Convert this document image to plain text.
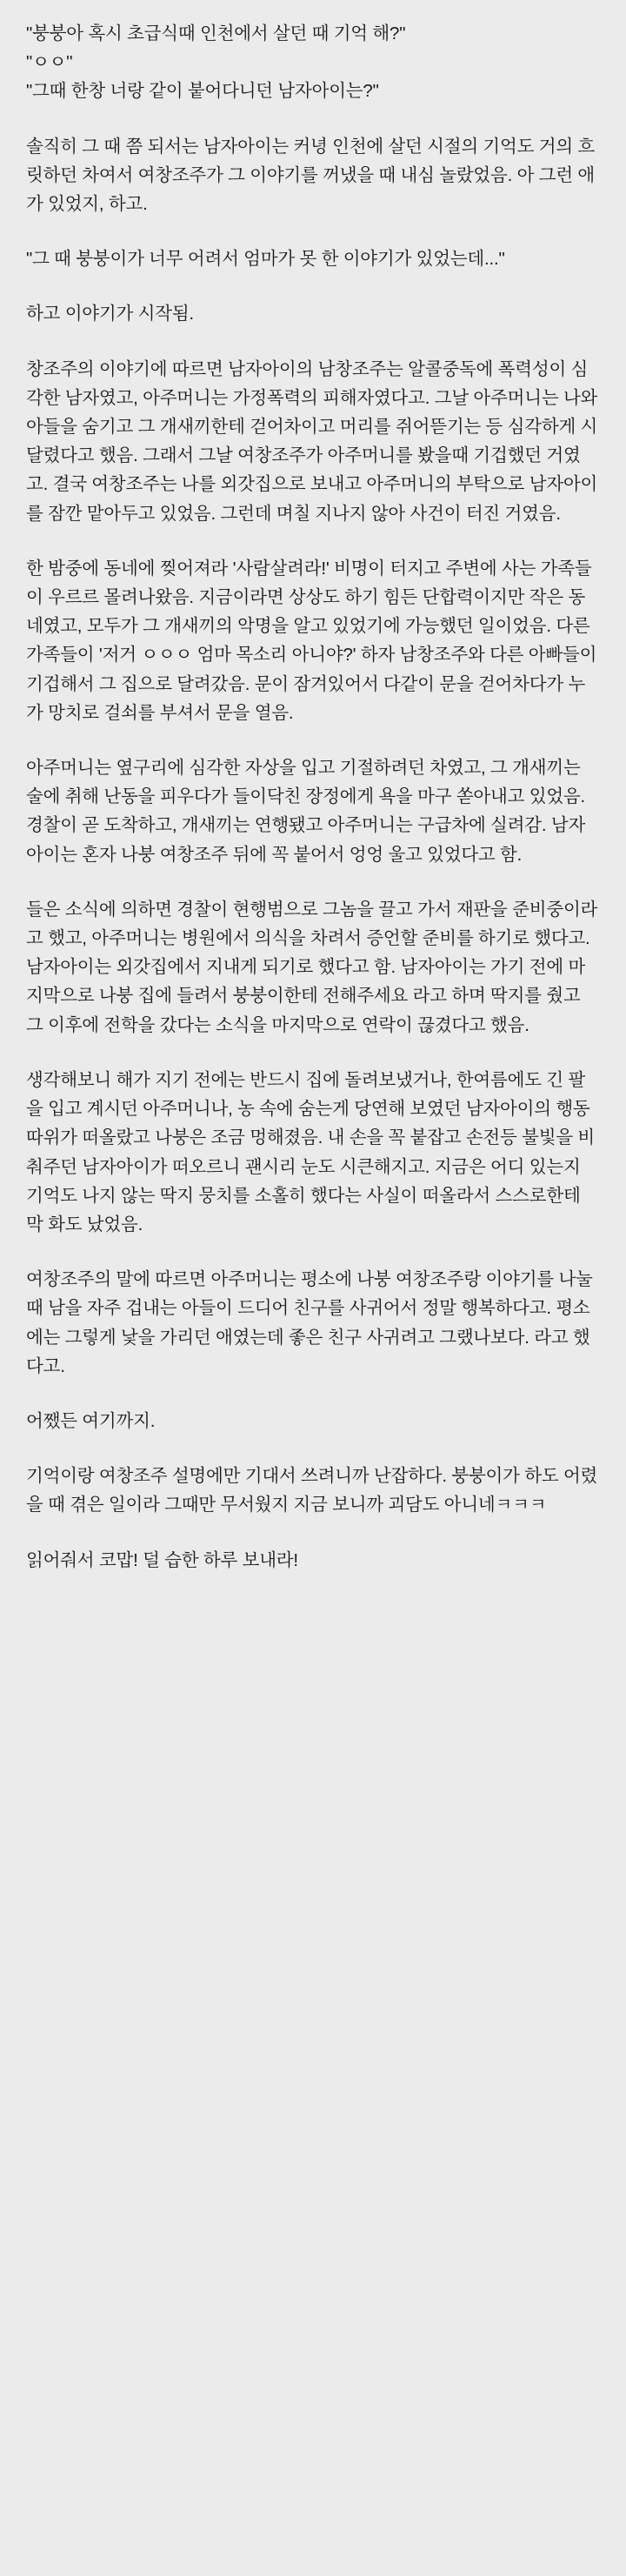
"붕붕아 혹시 초급식때 인천에서 살던 때 기억 해?"
"ㅇㅇ"
"그때 한창 너랑 같이 붙어다니던 남자아이는?"
솔직히 그 때 쯤 되서는 남자아이는 커녕 인천에 살던 시절의 기억도 거의 흐릿하던 차여서 여창조주가 그 이야기를 꺼냈을 때 내심 놀랐었음. 아 그런 애가 있었지, 하고.
"그 때 붕붕이가 너무 어려서 엄마가 못 한 이야기가 있었는데..."
하고 이야기가 시작됨.
창조주의 이야기에 따르면 남자아이의 남창조주는 알콜중독에 폭력성이 심각한 남자였고, 아주머니는 가정폭력의 피해자였다고. 그날 아주머니는 나와 아들을 숨기고 그 개새끼한테 걷어차이고 머리를 쥐어뜯기는 등 심각하게 시달렸다고 했음. 그래서 그날 여창조주가 아주머니를 봤을때 기겁했던 거였고. 결국 여창조주는 나를 외갓집으로 보내고 아주머니의 부탁으로 남자아이를 잠깐 맡아두고 있었음. 그런데 며칠 지나지 않아 사건이 터진 거였음.
한 밤중에 동네에 찢어져라 '사람살려라!' 비명이 터지고 주변에 사는 가족들이 우르르 몰려나왔음. 지금이라면 상상도 하기 힘든 단합력이지만 작은 동네였고, 모두가 그 개새끼의 악명을 알고 있었기에 가능했던 일이었음. 다른 가족들이 '저거 ㅇㅇㅇ 엄마 목소리 아니야?' 하자 남창조주와 다른 아빠들이 기겁해서 그 집으로 달려갔음. 문이 잠겨있어서 다같이 문을 걷어차다가 누가 망치로 걸쇠를 부셔서 문을 열음.
아주머니는 옆구리에 심각한 자상을 입고 기절하려던 차였고, 그 개새끼는 술에 취해 난동을 피우다가 들이닥친 장정에게 욕을 마구 쏟아내고 있었음. 경찰이 곧 도착하고, 개새끼는 연행됐고 아주머니는 구급차에 실려감. 남자아이는 혼자 나붕 여창조주 뒤에 꼭 붙어서 엉엉 울고 있었다고 함.
들은 소식에 의하면 경찰이 현행범으로 그놈을 끌고 가서 재판을 준비중이라고 했고, 아주머니는 병원에서 의식을 차려서 증언할 준비를 하기로 했다고. 남자아이는 외갓집에서 지내게 되기로 했다고 함. 남자아이는 가기 전에 마지막으로 나붕 집에 들려서 붕붕이한테 전해주세요 라고 하며 딱지를 줬고 그 이후에 전학을 갔다는 소식을 마지막으로 연락이 끊겼다고 했음.
생각해보니 해가 지기 전에는 반드시 집에 돌려보냈거나, 한여름에도 긴 팔을 입고 계시던 아주머니나, 농 속에 숨는게 당연해 보였던 남자아이의 행동 따위가 떠올랐고 나붕은 조금 멍해졌음. 내 손을 꼭 붙잡고 손전등 불빛을 비춰주던 남자아이가 떠오르니 괜시리 눈도 시큰해지고. 지금은 어디 있는지 기억도 나지 않는 딱지 뭉치를 소홀히 했다는 사실이 떠올라서 스스로한테 막 화도 났었음.
여창조주의 말에 따르면 아주머니는 평소에 나붕 여창조주랑 이야기를 나눌때 남을 자주 겁내는 아들이 드디어 친구를 사귀어서 정말 행복하다고. 평소에는 그렇게 낯을 가리던 애였는데 좋은 친구 사귀려고 그랬나보다. 라고 했다고.
어쨌든 여기까지.
기억이랑 여창조주 설명에만 기대서 쓰려니까 난잡하다. 붕붕이가 하도 어렸을 때 겪은 일이라 그때만 무서웠지 지금 보니까 괴담도 아니네ㅋㅋㅋ
읽어줘서 코맙! 덜 습한 하루 보내라!
